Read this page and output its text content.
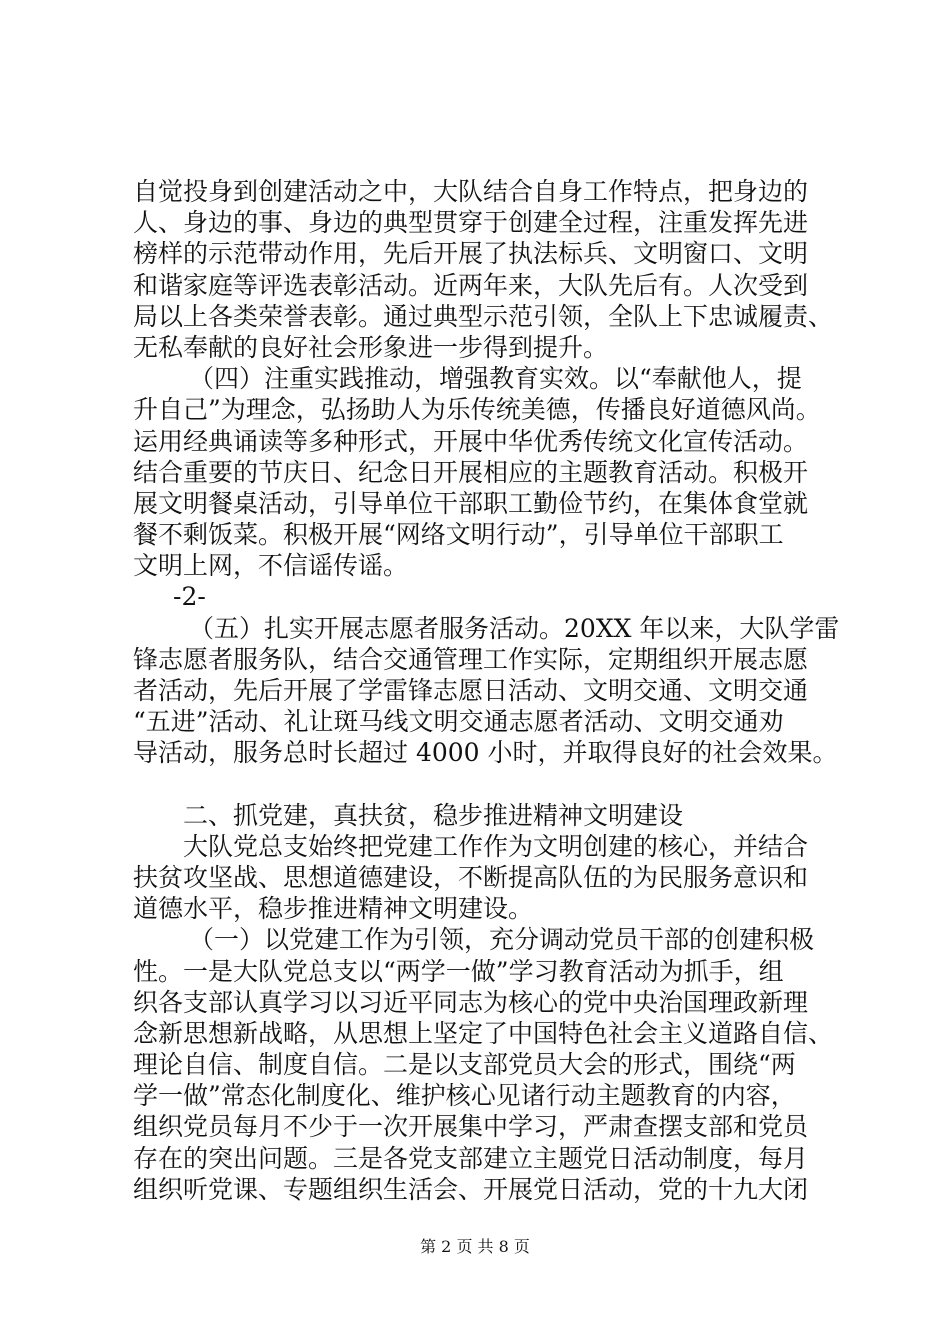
自觉投身到创建活动之中，大队结合自身工作特点，把身边的
人、身边的事、身边的典型贯穿于创建全过程，注重发挥先进
榜样的示范带动作用，先后开展了执法标兵、文明窗口、文明
和谐家庭等评选表彰活动。近两年来，大队先后有。人次受到
局以上各类荣誉表彰。通过典型示范引领，全队上下忠诚履责、
无私奉献的良好社会形象进一步得到提升。
（四）注重实践推动，增强教育实效。以“奉献他人，提
升自己”为理念，弘扬助人为乐传统美德，传播良好道德风尚。
运用经典诵读等多种形式，开展中华优秀传统文化宣传活动。
结合重要的节庆日、纪念日开展相应的主题教育活动。积极开
展文明餐桌活动，引导单位干部职工勤俭节约，在集体食堂就
餐不剩饭菜。积极开展“网络文明行动”，引导单位干部职工
文明上网，不信谣传谣。
-2-
（五）扎实开展志愿者服务活动。20XX 年以来，大队学雷
锋志愿者服务队，结合交通管理工作实际，定期组织开展志愿
者活动，先后开展了学雷锋志愿日活动、文明交通、文明交通
“五进”活动、礼让斑马线文明交通志愿者活动、文明交通劝
导活动，服务总时长超过 4000 小时，并取得良好的社会效果。
二、抓党建，真扶贫，稳步推进精神文明建设
大队党总支始终把党建工作作为文明创建的核心，并结合
扶贫攻坚战、思想道德建设，不断提高队伍的为民服务意识和
道德水平，稳步推进精神文明建设。
（一）以党建工作为引领，充分调动党员干部的创建积极
性。一是大队党总支以“两学一做”学习教育活动为抓手，组
织各支部认真学习以习近平同志为核心的党中央治国理政新理
念新思想新战略，从思想上坚定了中国特色社会主义道路自信、
理论自信、制度自信。二是以支部党员大会的形式，围绕“两
学一做”常态化制度化、维护核心见诸行动主题教育的内容，
组织党员每月不少于一次开展集中学习，严肃查摆支部和党员
存在的突出问题。三是各党支部建立主题党日活动制度，每月
组织听党课、专题组织生活会、开展党日活动，党的十九大闭
第 2 页 共 8 页
